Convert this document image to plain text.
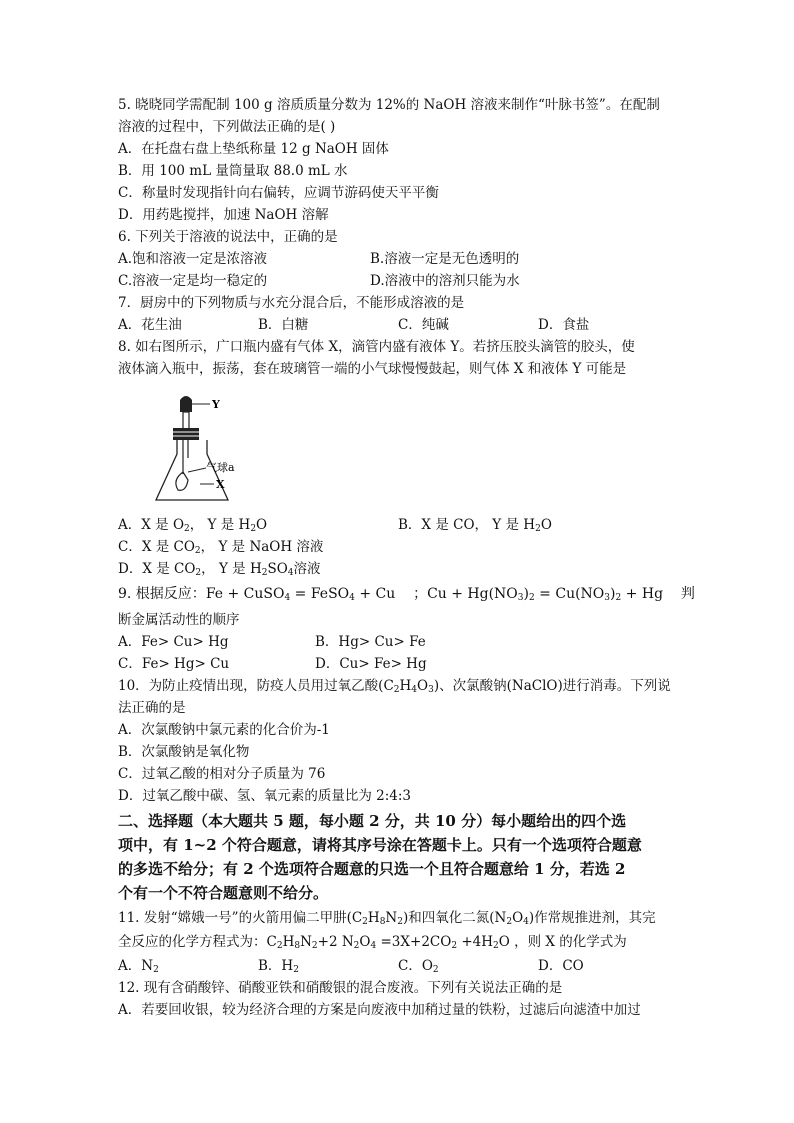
5. 晓晓同学需配制 100 g 溶质质量分数为 12%的 NaOH 溶液来制作“叶脉书签”。在配制
溶液的过程中，下列做法正确的是( )
A．在托盘右盘上垫纸称量 12 g NaOH 固体
B．用 100 mL 量筒量取 88.0 mL 水
C．称量时发现指针向右偏转，应调节游码使天平平衡
D．用药匙搅拌，加速 NaOH 溶解
6. 下列关于溶液的说法中，正确的是
A.饱和溶液一定是浓溶液	B.溶液一定是无色透明的
C.溶液一定是均一稳定的	D.溶液中的溶剂只能为水
7．厨房中的下列物质与水充分混合后，不能形成溶液的是
A．花生油	B．白糖	C．纯碱	D．食盐
8. 如右图所示，广口瓶内盛有气体 X，滴管内盛有液体 Y。若挤压胶头滴管的胶头，使
液体滴入瓶中，振荡，套在玻璃管一端的小气球慢慢鼓起，则气体 X 和液体 Y 可能是
Y
气球a
X
A．X 是 $O_2$， Y 是 $H_2O$	B．X 是 CO， Y 是 $H_2O$
C．X 是 $CO_2$， Y 是 NaOH 溶液
D．X 是 $CO_2$， Y 是 $H_2SO_4$溶液
9. 根据反应：Fe + CuSO$_4$ = FeSO$_4$ + Cu ；$Cu + Hg(NO_3)_2 = Cu(NO_3)_2 + Hg$ 判
断金属活动性的顺序
A．Fe> Cu> Hg	B．Hg> Cu> Fe
C．Fe> Hg> Cu	D．Cu> Fe> Hg
10．为防止疫情出现，防疫人员用过氧乙酸$(C_2H_4O_3)$、次氯酸钠(NaClO)进行消毒。下列说
法正确的是
A．次氯酸钠中氯元素的化合价为-1
B．次氯酸钠是氧化物
C．过氧乙酸的相对分子质量为 76
D．过氧乙酸中碳、氢、氧元素的质量比为 2:4:3
二、选择题（本大题共 5 题，每小题 2 分，共 10 分）每小题给出的四个选
项中，有 1~2 个符合题意，请将其序号涂在答题卡上。只有一个选项符合题意
的多选不给分；有 2 个选项符合题意的只选一个且符合题意给 1 分，若选 2
个有一个不符合题意则不给分。
11. 发射“嫦娥一号”的火箭用偏二甲肼$(C_2H_8N_2)$和四氧化二氮$(N_2O_4)$作常规推进剂，其完
全反应的化学方程式为：$C_2H_8N_2+2$ $N_2O_4 =3X+2CO_2 +4H_2O$ ，则 X 的化学式为
A．$N_2$	B．$H_2$	C．$O_2$	D．CO
12. 现有含硝酸锌、硝酸亚铁和硝酸银的混合废液。下列有关说法正确的是
A．若要回收银，较为经济合理的方案是向废液中加稍过量的铁粉，过滤后向滤渣中加过
